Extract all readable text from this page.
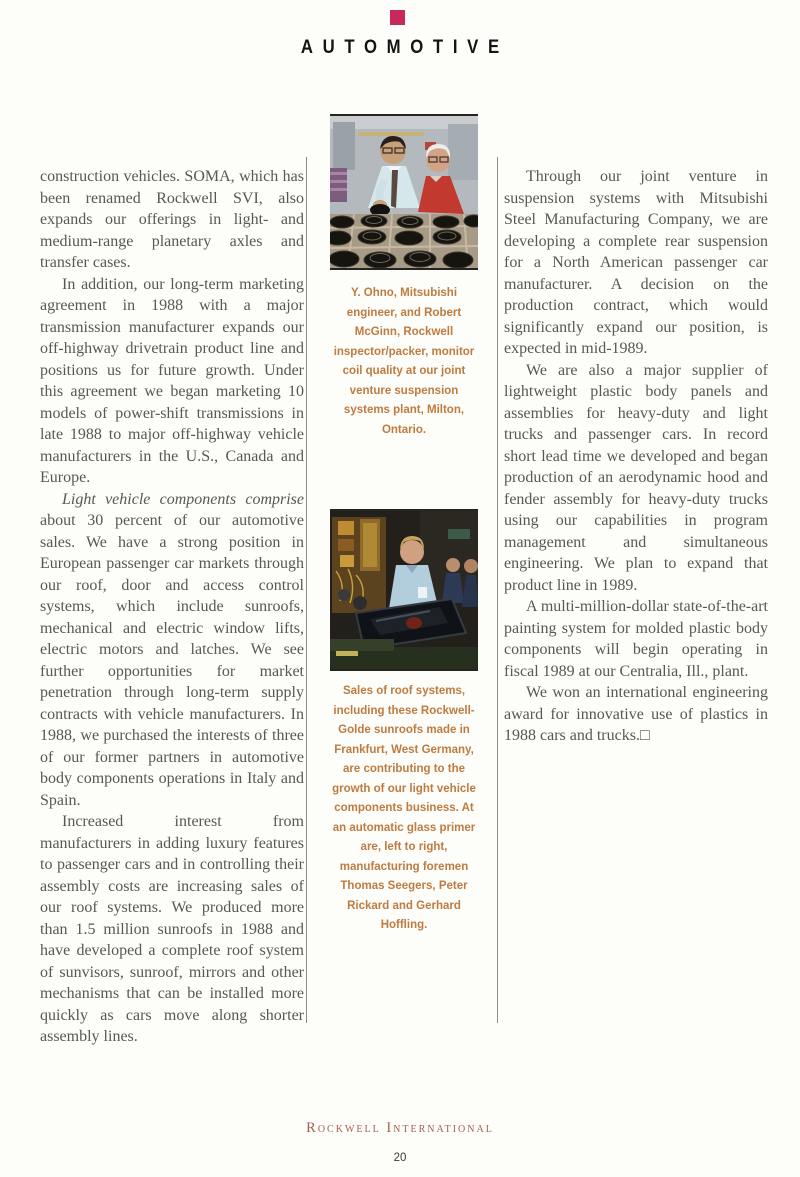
AUTOMOTIVE

construction vehicles. SOMA, which has been renamed Rockwell SVI, also expands our offerings in light- and medium-range planetary axles and transfer cases.

In addition, our long-term marketing agreement in 1988 with a major transmission manufacturer expands our off-highway drivetrain product line and positions us for future growth. Under this agreement we began marketing 10 models of power-shift transmissions in late 1988 to major off-highway vehicle manufacturers in the U.S., Canada and Europe.

Light vehicle components comprise about 30 percent of our automotive sales. We have a strong position in European passenger car markets through our roof, door and access control systems, which include sunroofs, mechanical and electric window lifts, electric motors and latches. We see further opportunities for market penetration through long-term supply contracts with vehicle manufacturers. In 1988, we purchased the interests of three of our former partners in automotive body components operations in Italy and Spain.

Increased interest from manufacturers in adding luxury features to passenger cars and in controlling their assembly costs are increasing sales of our roof systems. We produced more than 1.5 million sunroofs in 1988 and have developed a complete roof system of sunvisors, sunroof, mirrors and other mechanisms that can be installed more quickly as cars move along shorter assembly lines.

Y. Ohno, Mitsubishi engineer, and Robert McGinn, Rockwell inspector/packer, monitor coil quality at our joint venture suspension systems plant, Milton, Ontario.
Sales of roof systems, including these Rockwell-Golde sunroofs made in Frankfurt, West Germany, are contributing to the growth of our light vehicle components business. At an automatic glass primer are, left to right, manufacturing foremen Thomas Seegers, Peter Rickard and Gerhard Hoffling.

Through our joint venture in suspension systems with Mitsubishi Steel Manufacturing Company, we are developing a complete rear suspension for a North American passenger car manufacturer. A decision on the production contract, which would significantly expand our position, is expected in mid-1989.

We are also a major supplier of lightweight plastic body panels and assemblies for heavy-duty and light trucks and passenger cars. In record short lead time we developed and began production of an aerodynamic hood and fender assembly for heavy-duty trucks using our capabilities in program management and simultaneous engineering. We plan to expand that product line in 1989.

A multi-million-dollar state-of-the-art painting system for molded plastic body components will begin operating in fiscal 1989 at our Centralia, Ill., plant.

We won an international engineering award for innovative use of plastics in 1988 cars and trucks.□

Rockwell International
20
